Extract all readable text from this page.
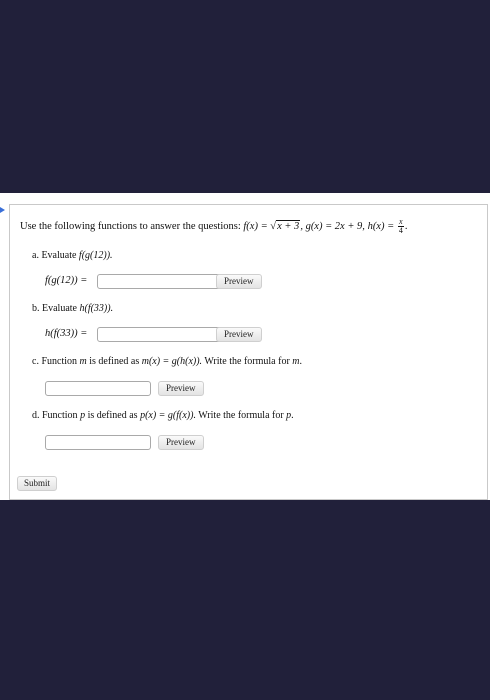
Use the following functions to answer the questions: f(x) = √x + 3, g(x) = 2x + 9, $h(x) = \frac{x}{4}$ .
a. Evaluate f(g(12)).
f(g(12)) =	Preview
b. Evaluate h(f(33)).
h(f(33)) =	Preview
c. Function m is defined as m(x) = g(h(x)). Write the formula for m.
Preview
d. Function p is defined as p(x) = g(f(x)). Write the formula for p.
Preview
Submit
